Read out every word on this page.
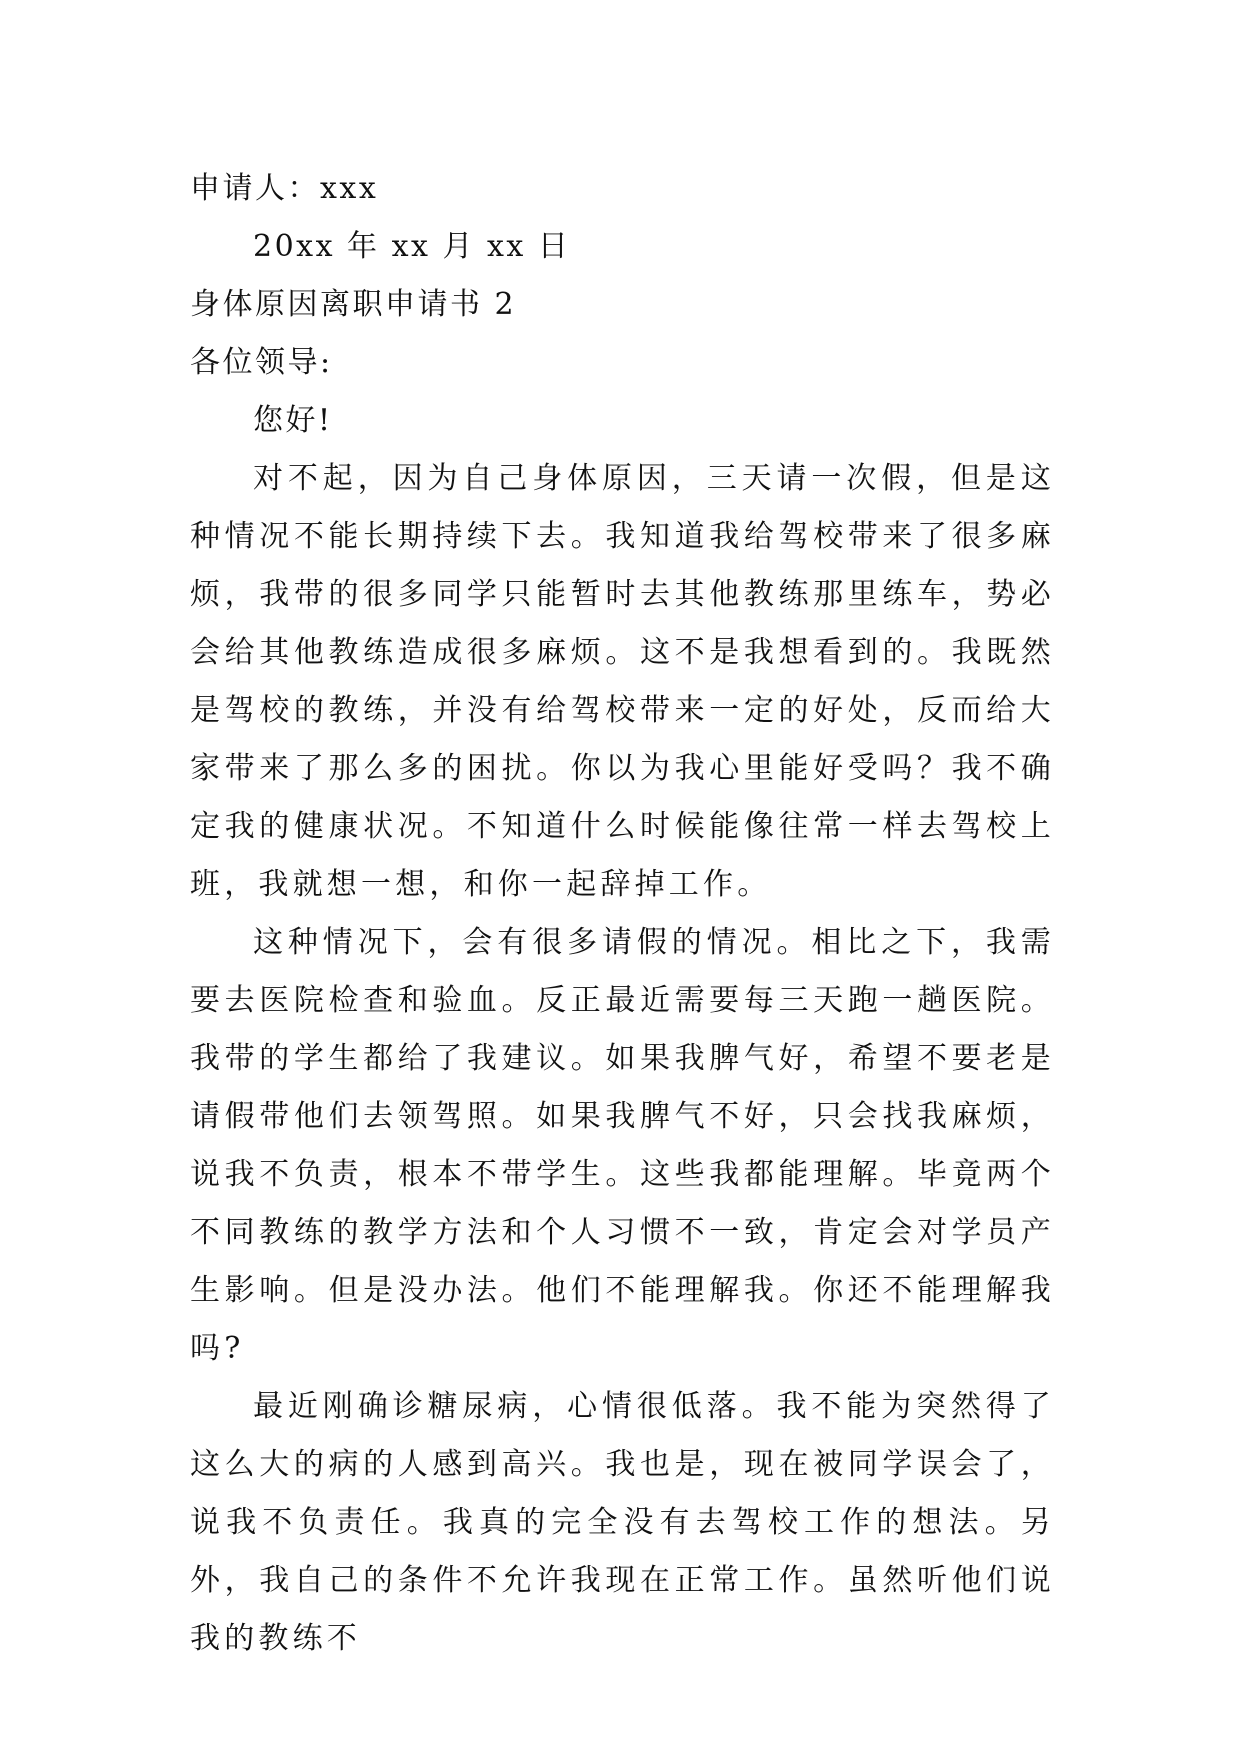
申请人：xxx

20xx 年 xx 月 xx 日

身体原因离职申请书 2

各位领导:

您好!

对不起，因为自己身体原因，三天请一次假，但是这种情况不能长期持续下去。我知道我给驾校带来了很多麻烦，我带的很多同学只能暂时去其他教练那里练车，势必会给其他教练造成很多麻烦。这不是我想看到的。我既然是驾校的教练，并没有给驾校带来一定的好处，反而给大家带来了那么多的困扰。你以为我心里能好受吗？我不确定我的健康状况。不知道什么时候能像往常一样去驾校上班，我就想一想，和你一起辞掉工作。

这种情况下，会有很多请假的情况。相比之下，我需要去医院检查和验血。反正最近需要每三天跑一趟医院。我带的学生都给了我建议。如果我脾气好，希望不要老是请假带他们去领驾照。如果我脾气不好，只会找我麻烦，说我不负责，根本不带学生。这些我都能理解。毕竟两个不同教练的教学方法和个人习惯不一致，肯定会对学员产生影响。但是没办法。他们不能理解我。你还不能理解我吗?

最近刚确诊糖尿病，心情很低落。我不能为突然得了这么大的病的人感到高兴。我也是，现在被同学误会了，说我不负责任。我真的完全没有去驾校工作的想法。另外，我自己的条件不允许我现在正常工作。虽然听他们说我的教练不
